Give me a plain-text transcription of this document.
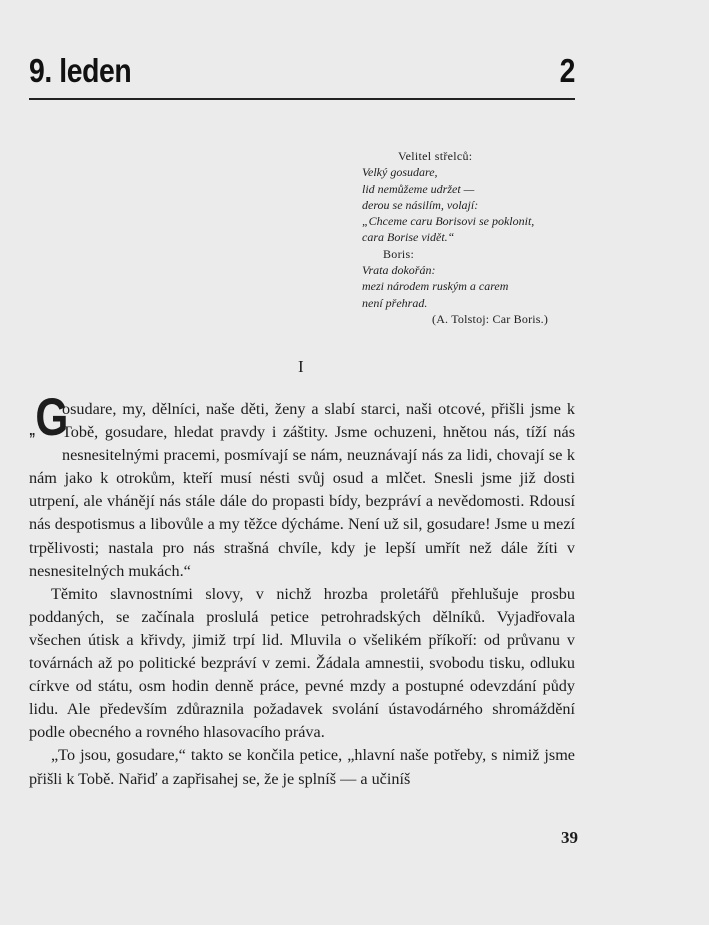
9. leden	2
Velitel střelců:
Velký gosudare,
lid nemůžeme udržet —
derou se násilím, volají:
„Chceme caru Borisovi se poklonit,
cara Borise vidět.“
Boris:
Vrata dokořán:
mezi národem ruským a carem
není přehrad.
(A. Tolstoj: Car Boris.)
I

„G
osudare, my, dělníci, naše děti, ženy a slabí starci, naši otcové, přišli jsme k Tobě, gosudare, hledat pravdy i záštity. Jsme ochuzeni, hnětou nás, tíží nás nesnesitelnými pracemi, posmívají se nám, neuznávají nás za lidi, chovají se k nám jako k otrokům, kteří musí nésti svůj osud a mlčet. Snesli jsme již dosti utrpení, ale vhánějí nás stále dále do propasti bídy, bezpráví a nevědomosti. Rdousí nás despotismus a libovůle a my těžce dýcháme. Není už sil, gosudare! Jsme u mezí trpělivosti; nastala pro nás strašná chvíle, kdy je lepší umřít než dále žíti v nesnesitelných mukách.“

Těmito slavnostními slovy, v nichž hrozba proletářů přehlušuje prosbu poddaných, se začínala proslulá petice petrohradských dělníků. Vyjadřovala všechen útisk a křivdy, jimiž trpí lid. Mluvila o všelikém příkoří: od průvanu v továrnách až po politické bezpráví v zemi. Žádala amnestii, svobodu tisku, odluku církve od státu, osm hodin denně práce, pevné mzdy a postupné odevzdání půdy lidu. Ale především zdůraznila požadavek svolání ústavodárného shromáždění podle obecného a rovného hlasovacího práva.

„To jsou, gosudare,“ takto se končila petice, „hlavní naše potřeby, s nimiž jsme přišli k Tobě. Nařiď a zapřisahej se, že je splníš — a učiníš

39
